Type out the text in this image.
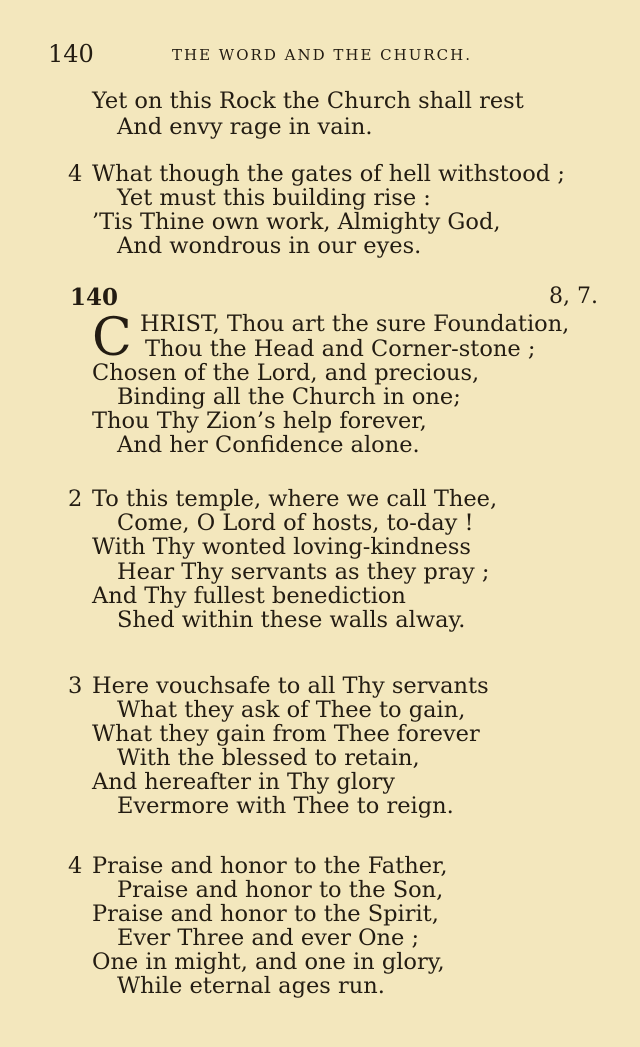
140	THE WORD AND THE CHURCH.
Yet on this Rock the Church shall rest
And envy rage in vain.
4 What though the gates of hell withstood ;
Yet must this building rise :
’Tis Thine own work, Almighty God,
And wondrous in our eyes.
140	8, 7.
C HRIST, Thou art the sure Foundation,
Thou the Head and Corner-stone ;
Chosen of the Lord, and precious,
Binding all the Church in one;
Thou Thy Zion’s help forever,
And her Confidence alone.
2 To this temple, where we call Thee,
Come, O Lord of hosts, to-day !
With Thy wonted loving-kindness
Hear Thy servants as they pray ;
And Thy fullest benediction
Shed within these walls alway.
3 Here vouchsafe to all Thy servants
What they ask of Thee to gain,
What they gain from Thee forever
With the blessed to retain,
And hereafter in Thy glory
Evermore with Thee to reign.
4 Praise and honor to the Father,
Praise and honor to the Son,
Praise and honor to the Spirit,
Ever Three and ever One ;
One in might, and one in glory,
While eternal ages run.
